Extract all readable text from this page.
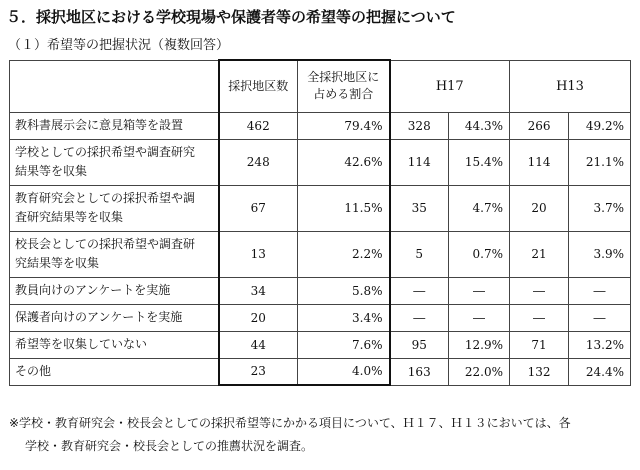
５．採択地区における学校現場や保護者等の希望等の把握について
（１）希望等の把握状況（複数回答）
	採択地区数	全採択地区に
占める割合	H17		H13	
教科書展示会に意見箱等を設置	462	79.4%	328	44.3%	266	49.2%
学校としての採択希望や調査研究
結果等を収集	248	42.6%	114	15.4%	114	21.1%
教育研究会としての採択希望や調
査研究結果等を収集	67	11.5%	35	4.7%	20	3.7%
校長会としての採択希望や調査研
究結果等を収集	13	2.2%	5	0.7%	21	3.9%
教員向けのアンケートを実施	34	5.8%	―	―	―	―
保護者向けのアンケートを実施	20	3.4%	―	―	―	―
希望等を収集していない	44	7.6%	95	12.9%	71	13.2%
その他	23	4.0%	163	22.0%	132	24.4%
※学校・教育研究会・校長会としての採択希望等にかかる項目について、Ｈ１７、Ｈ１３においては、各
学校・教育研究会・校長会としての推薦状況を調査。
